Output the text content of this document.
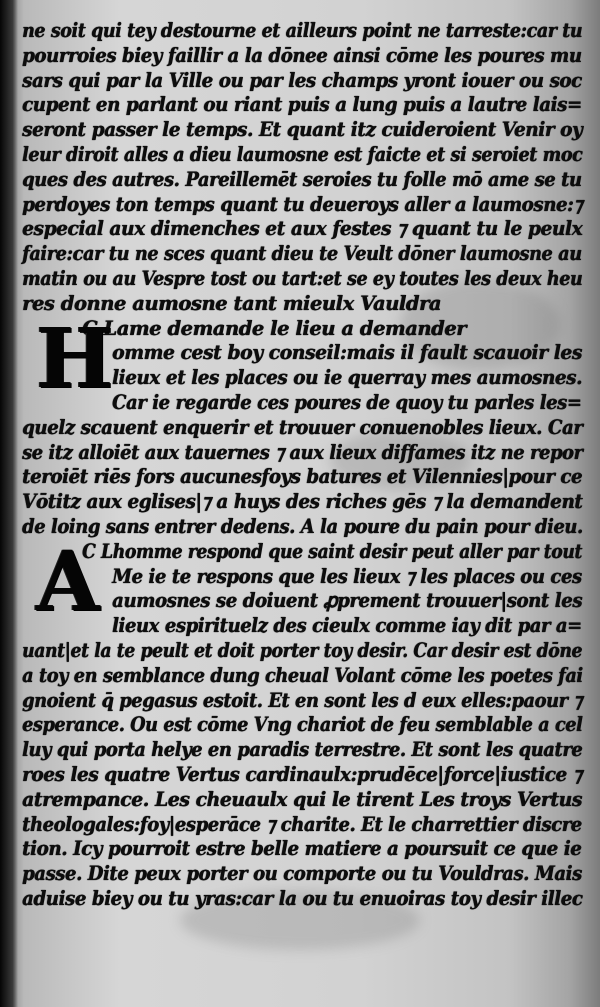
ne soit qui tey destourne et ailleurs point ne tarreste:car tu
pourroies biey faillir a la dōnee ainsi cōme les poures mu
sars qui par la Ville ou par les champs yront iouer ou soc
cupent en parlant ou riant puis a lung puis a lautre lais=
seront passer le temps. Et quant itz cuideroient Venir oy
leur diroit alles a dieu laumosne est faicte et si seroiet moc
ques des autres. Pareillemēt seroies tu folle mō ame se tu
perdoyes ton temps quant tu deueroys aller a laumosne:⁊
especial aux dimenches et aux festes ⁊ quant tu le peulx
faire:car tu ne sces quant dieu te Veult dōner laumosne au
matin ou au Vespre tost ou tart:et se ey toutes les deux heu
res donne aumosne tant mieulx Vauldra
C Lame demande le lieu a demander
H
omme cest boy conseil:mais il fault scauoir les
lieux et les places ou ie querray mes aumosnes.
Car ie regarde ces poures de quoy tu parles les=
quelz scauent enquerir et trouuer conuenobles lieux. Car
se itz alloiēt aux tauernes ⁊ aux lieux diffames itz ne repor
teroiēt riēs fors aucunesfoys batures et Vilennies|pour ce
Vōtitz aux eglises|⁊ a huys des riches gēs ⁊ la demandent
de loing sans entrer dedens. A la poure du pain pour dieu.
C Lhomme respond que saint desir peut aller par tout
A Me ie te respons que les lieux ⁊ les places ou ces
aumosnes se doiuent ꝓprement trouuer|sont les
lieux espirituelz des cieulx comme iay dit par a=
uant|et la te peult et doit porter toy desir. Car desir est dōne
a toy en semblance dung cheual Volant cōme les poetes fai
gnoient q̄ pegasus estoit. Et en sont les d eux elles:paour ⁊
esperance. Ou est cōme Vng chariot de feu semblable a cel
luy qui porta helye en paradis terrestre. Et sont les quatre
roes les quatre Vertus cardinaulx:prudēce|force|iustice ⁊
atrempance. Les cheuaulx qui le tirent Les troys Vertus
theologales:foy|esperāce ⁊ charite. Et le charrettier discre
tion. Icy pourroit estre belle matiere a poursuit ce que ie
passe. Dite peux porter ou comporte ou tu Vouldras. Mais
aduise biey ou tu yras:car la ou tu enuoiras toy desir illec
